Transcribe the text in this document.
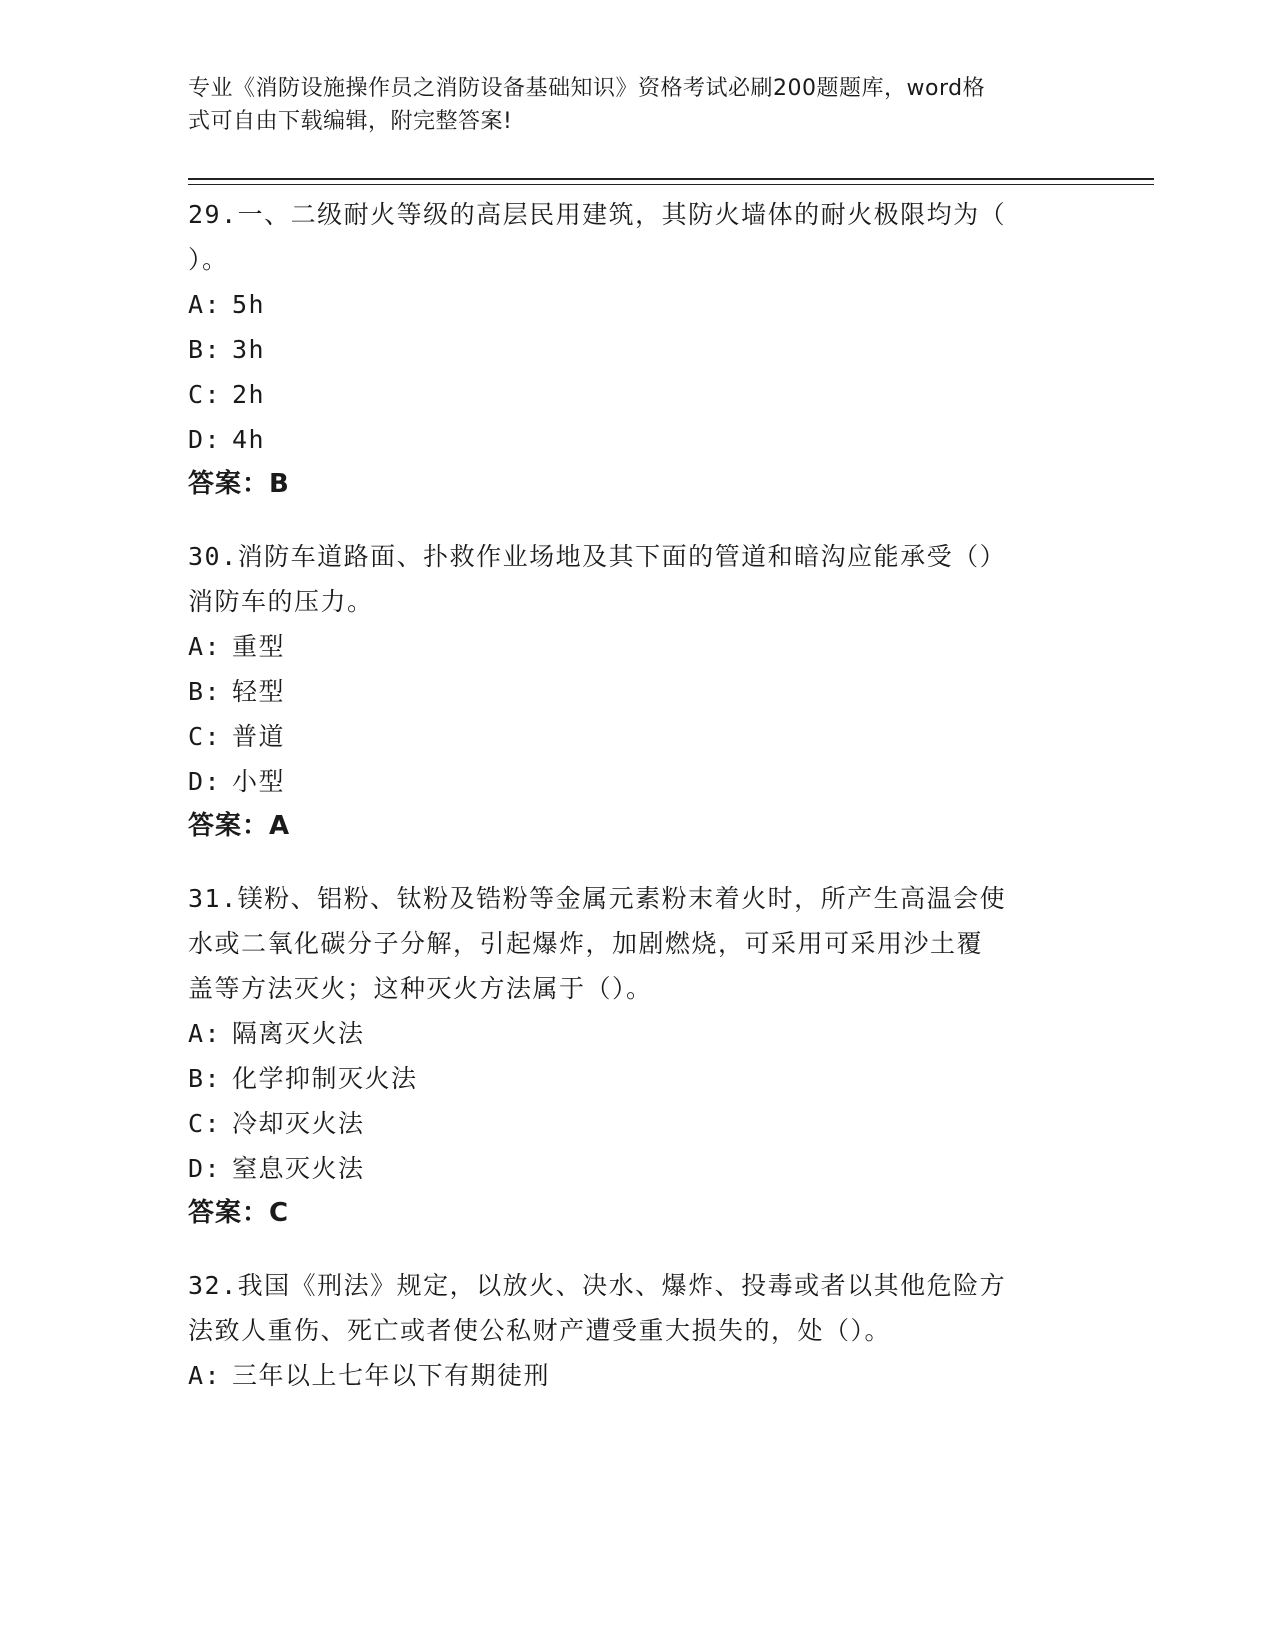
专业《消防设施操作员之消防设备基础知识》资格考试必刷200题题库，word格
式可自由下载编辑，附完整答案!
29.一、二级耐火等级的高层民用建筑，其防火墙体的耐火极限均为（
）。
A: 5h
B: 3h
C: 2h
D: 4h
答案：B
30.消防车道路面、扑救作业场地及其下面的管道和暗沟应能承受（）
消防车的压力。
A: 重型
B: 轻型
C: 普道
D: 小型
答案：A
31.镁粉、铝粉、钛粉及锆粉等金属元素粉末着火时，所产生高温会使
水或二氧化碳分子分解，引起爆炸，加剧燃烧，可采用可采用沙土覆
盖等方法灭火；这种灭火方法属于（）。
A: 隔离灭火法
B: 化学抑制灭火法
C: 冷却灭火法
D: 窒息灭火法
答案：C
32.我国《刑法》规定，以放火、决水、爆炸、投毒或者以其他危险方
法致人重伤、死亡或者使公私财产遭受重大损失的，处（）。
A: 三年以上七年以下有期徒刑
